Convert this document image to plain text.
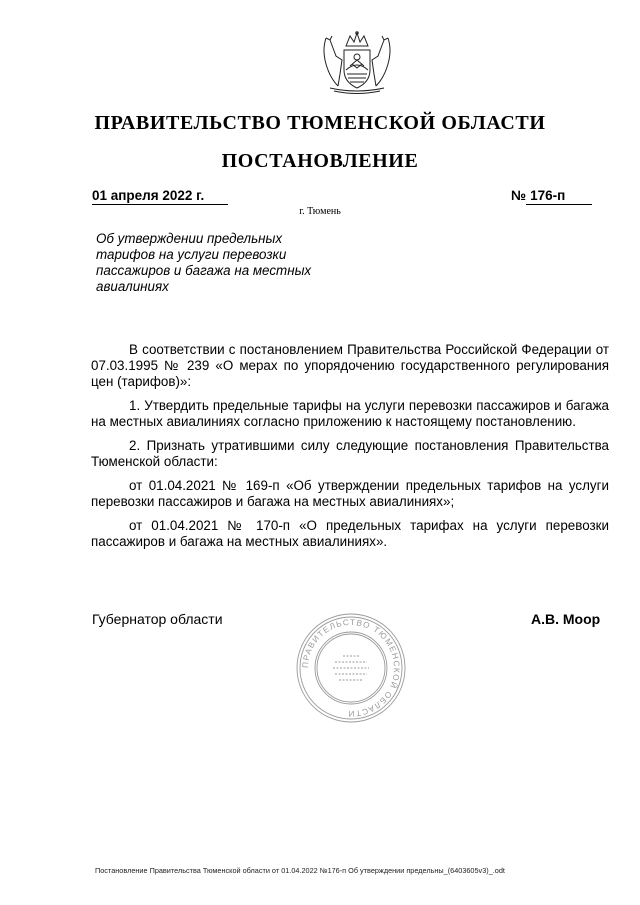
ПРАВИТЕЛЬСТВО ТЮМЕНСКОЙ ОБЛАСТИ
ПОСТАНОВЛЕНИЕ
01 апреля 2022 г.	№ 176-п
г. Тюмень
Об утверждении предельных тарифов на услуги перевозки пассажиров и багажа на местных авиалиниях

В соответствии с постановлением Правительства Российской Федерации от 07.03.1995 № 239 «О мерах по упорядочению государственного регулирования цен (тарифов)»:

1. Утвердить предельные тарифы на услуги перевозки пассажиров и багажа на местных авиалиниях согласно приложению к настоящему постановлению.

2. Признать утратившими силу следующие постановления Правительства Тюменской области:

от 01.04.2021 № 169-п «Об утверждении предельных тарифов на услуги перевозки пассажиров и багажа на местных авиалиниях»;

от 01.04.2021 № 170-п «О предельных тарифах на услуги перевозки пассажиров и багажа на местных авиалиниях».

Губернатор области
ПРАВИТЕЛЬСТВО ТЮМЕНСКОЙ ОБЛАСТИ
А.В. Моор
Постановление Правительства Тюменской области от 01.04.2022 №176-п Об утверждении предельны_(6403605v3)_.odt
